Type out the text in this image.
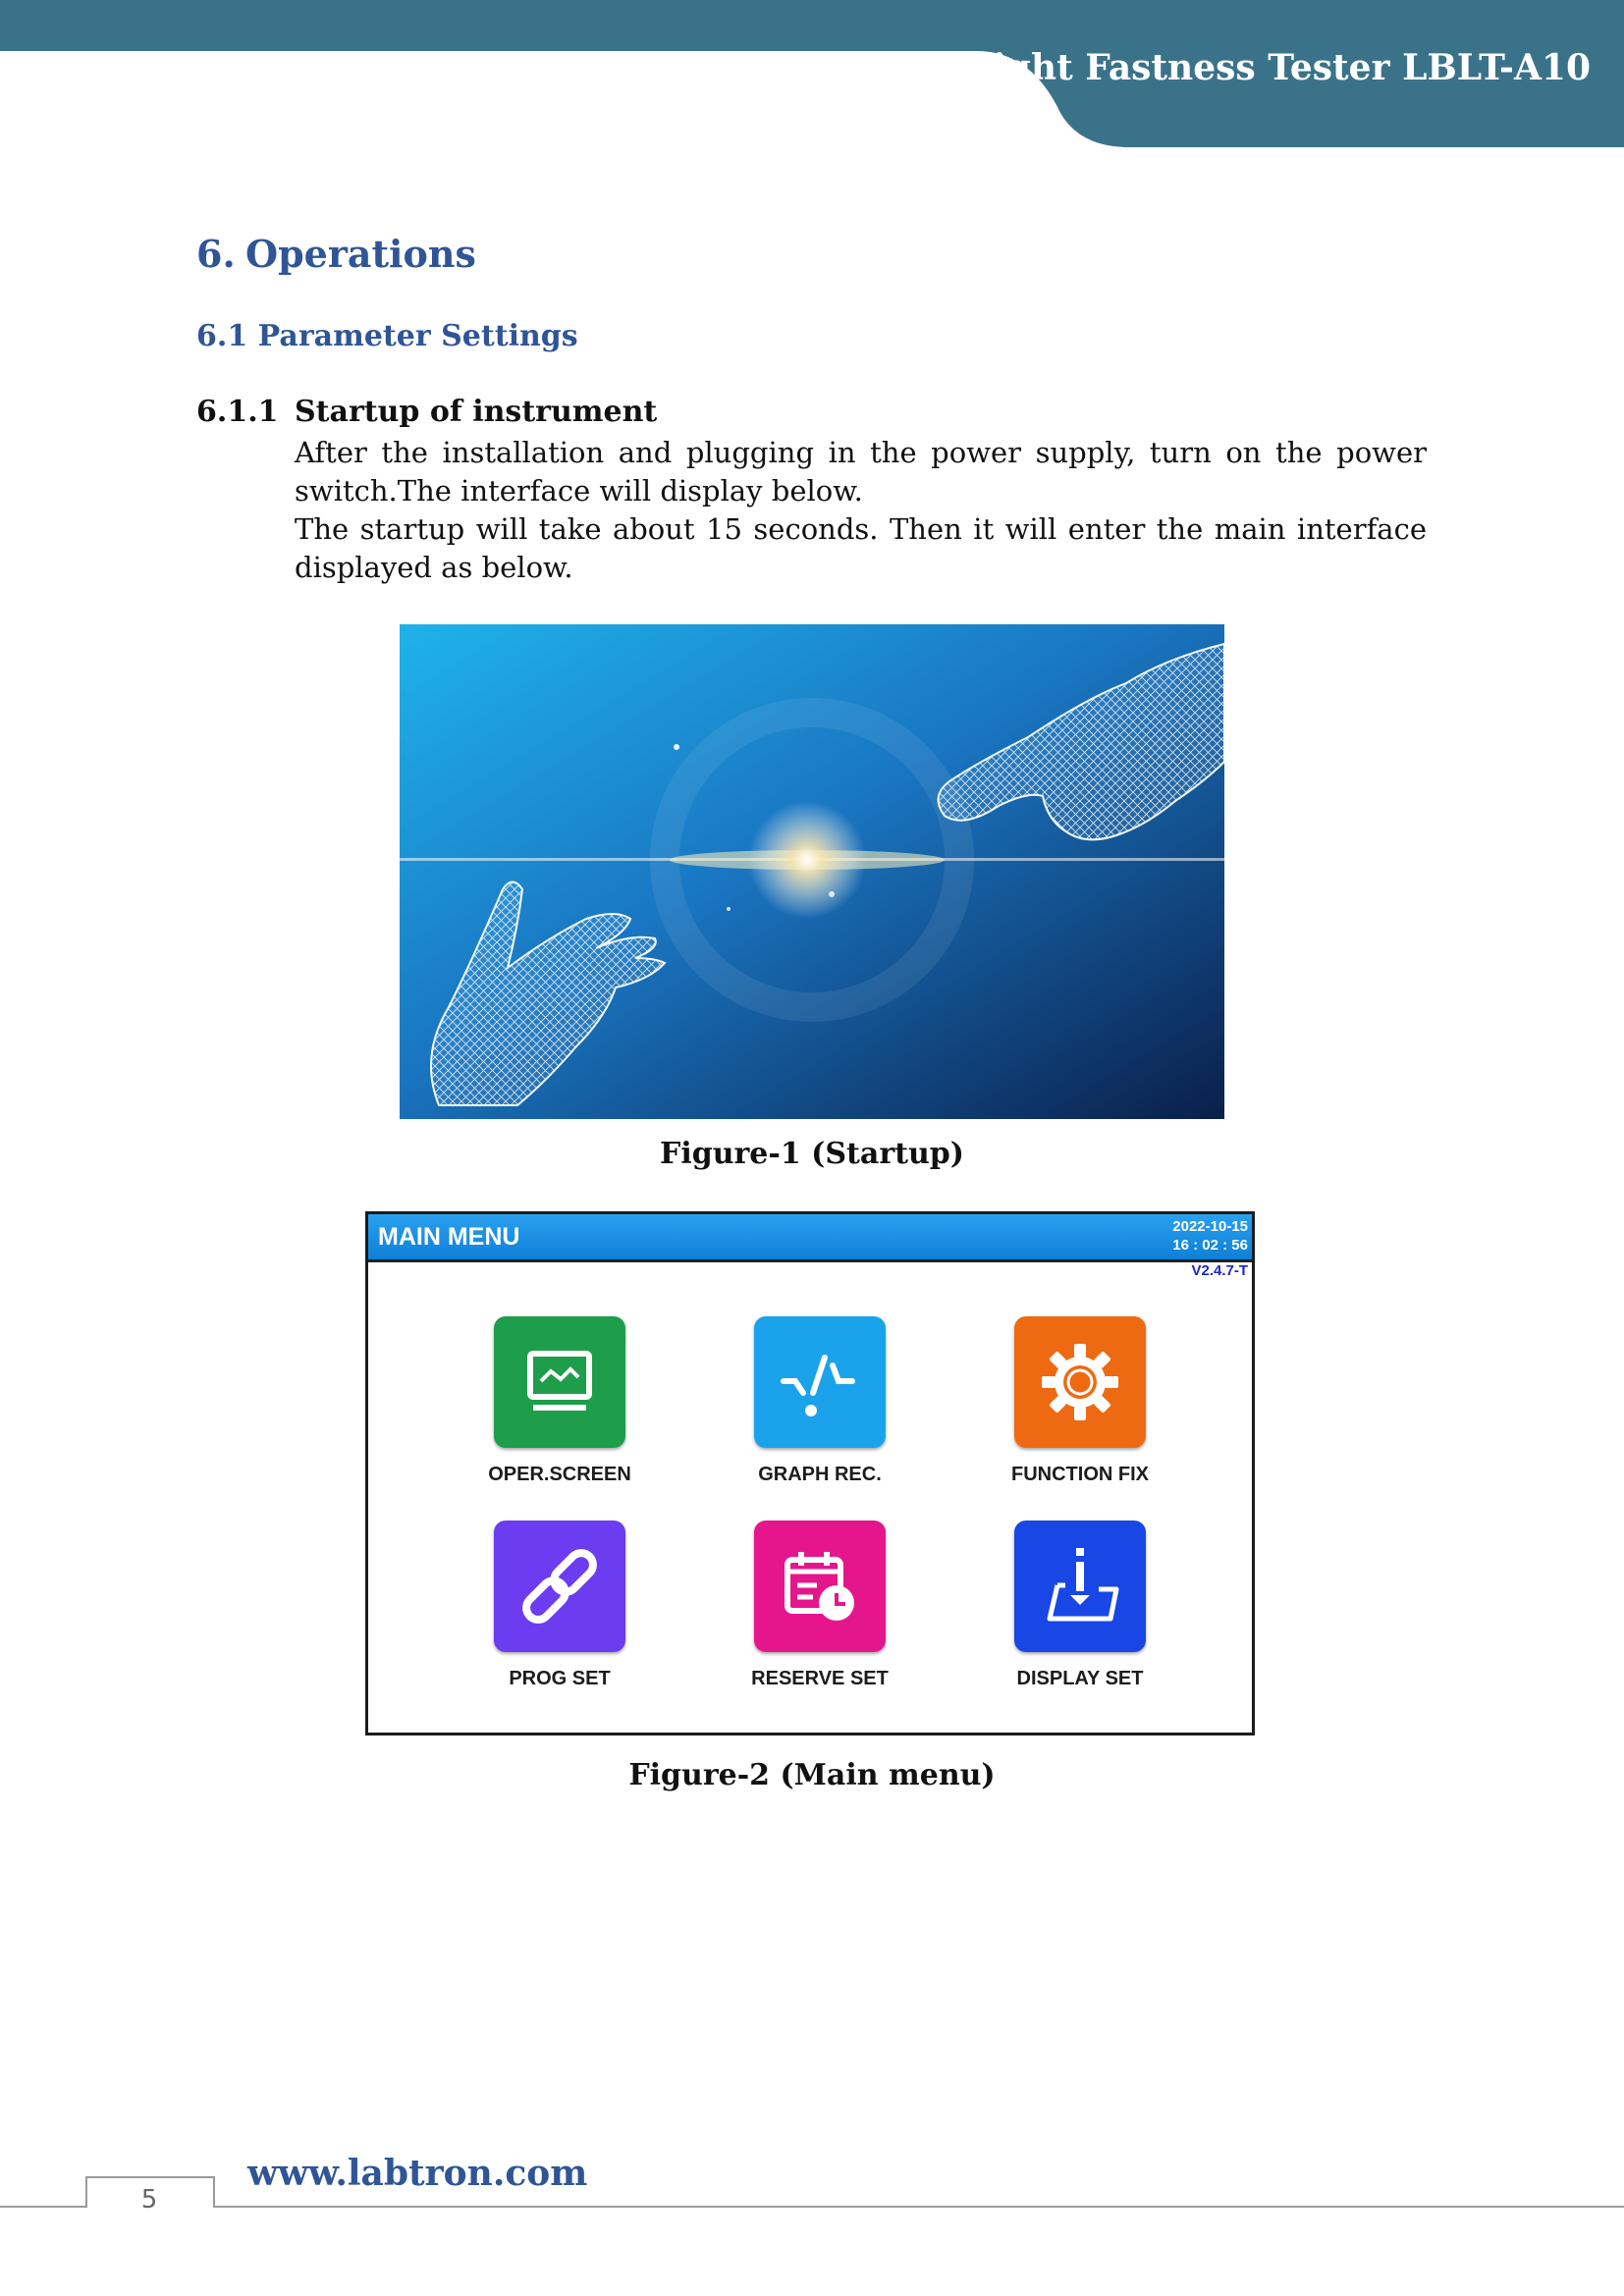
Light Fastness Tester LBLT-A10
6. Operations
6.1 Parameter Settings
6.1.1 Startup of instrument
After the installation and plugging in the power supply, turn on the power switch.The interface will display below.
The startup will take about 15 seconds. Then it will enter the main interface displayed as below.
Figure-1 (Startup)
MAIN MENU	2022-10-15
16 : 02 : 56
V2.4.7-T
OPER.SCREEN	GRAPH REC.	FUNCTION FIX
PROG SET	RESERVE SET	DISPLAY SET
Figure-2 (Main menu)
www.labtron.com
5
